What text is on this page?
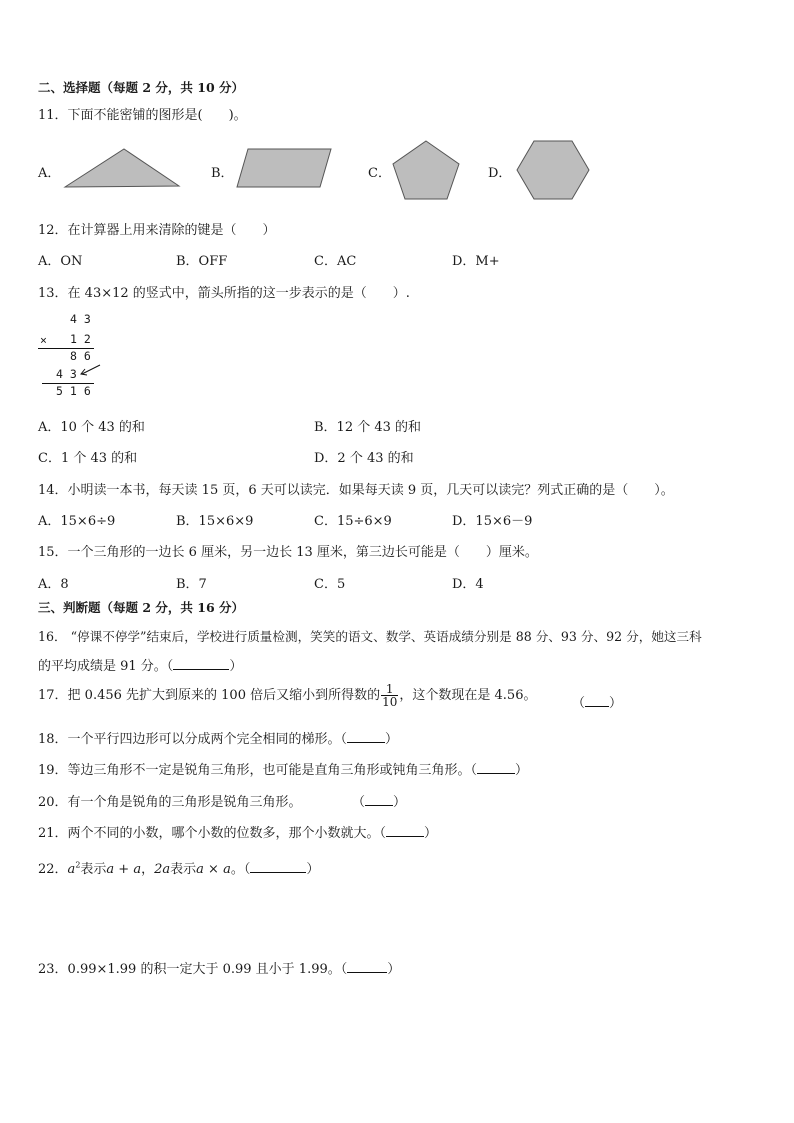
二、选择题（每题 2 分，共 10 分）
11．下面不能密铺的图形是(　　)。
A．	B．	C．	D．
12．在计算器上用来清除的键是（　　）
A．ON	B．OFF	C．AC	D．M+
13．在 43×12 的竖式中，箭头所指的这一步表示的是（　　）.
43
× 12
86
43
516
A．10 个 43 的和	B．12 个 43 的和
C．1 个 43 的和	D．2 个 43 的和
14．小明读一本书，每天读 15 页，6 天可以读完．如果每天读 9 页，几天可以读完？列式正确的是（　　）。
A．15×6÷9	B．15×6×9	C．15÷6×9	D．15×6－9
15．一个三角形的一边长 6 厘米，另一边长 13 厘米，第三边长可能是（　　）厘米。
A．8	B．7	C．5	D．4
三、判断题（每题 2 分，共 16 分）
16． “停课不停学”结束后，学校进行质量检测，笑笑的语文、数学、英语成绩分别是 88 分、93 分、92 分，她这三科
的平均成绩是 91 分。（	）
17．把 0.456 先扩大到原来的 100 倍后又缩小到所得数的 $\frac{1}{10}$ ，这个数现在是 4.56。
（ ）
18．一个平行四边形可以分成两个完全相同的梯形。（	）
19．等边三角形不一定是锐角三角形，也可能是直角三角形或钝角三角形。（	）
20．有一个角是锐角的三角形是锐角三角形。	（ ）
21．两个不同的小数，哪个小数的位数多，那个小数就大。（	）
22．$a^2$表示a + a，2a表示a × a。（	）
23．0.99×1.99 的积一定大于 0.99 且小于 1.99。（	）
